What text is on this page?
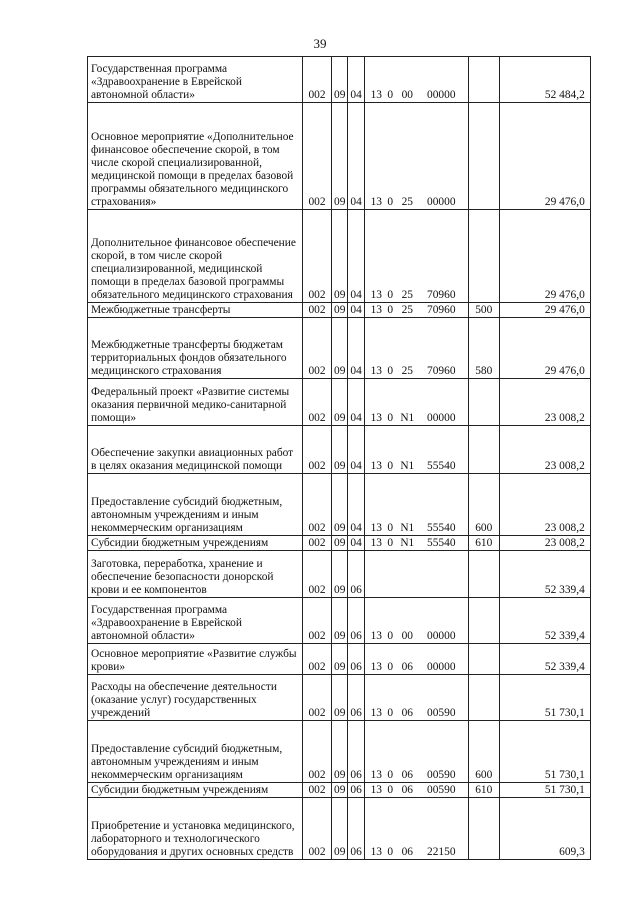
39
Государственная программа «Здравоохранение в Еврейской автономной области»	002	09	04	13 0 00 00000		52 484,2
Основное мероприятие «Дополнительное финансовое обеспечение скорой, в том числе скорой специализированной, медицинской помощи в пределах базовой программы обязательного медицинского страхования»	002	09	04	13 0 25 00000		29 476,0
Дополнительное финансовое обеспечение скорой, в том числе скорой специализированной, медицинской помощи в пределах базовой программы обязательного медицинского страхования	002	09	04	13 0 25 70960		29 476,0
Межбюджетные трансферты	002	09	04	13 0 25 70960	500	29 476,0
Межбюджетные трансферты бюджетам территориальных фондов обязательного медицинского страхования	002	09	04	13 0 25 70960	580	29 476,0
Федеральный проект «Развитие системы оказания первичной медико-санитарной помощи»	002	09	04	13 0 N1 00000		23 008,2
Обеспечение закупки авиационных работ в целях оказания медицинской помощи	002	09	04	13 0 N1 55540		23 008,2
Предоставление субсидий бюджетным, автономным учреждениям и иным некоммерческим организациям	002	09	04	13 0 N1 55540	600	23 008,2
Субсидии бюджетным учреждениям	002	09	04	13 0 N1 55540	610	23 008,2
Заготовка, переработка, хранение и обеспечение безопасности донорской крови и ее компонентов	002	09	06			52 339,4
Государственная программа «Здравоохранение в Еврейской автономной области»	002	09	06	13 0 00 00000		52 339,4
Основное мероприятие «Развитие службы крови»	002	09	06	13 0 06 00000		52 339,4
Расходы на обеспечение деятельности (оказание услуг) государственных учреждений	002	09	06	13 0 06 00590		51 730,1
Предоставление субсидий бюджетным, автономным учреждениям и иным некоммерческим организациям	002	09	06	13 0 06 00590	600	51 730,1
Субсидии бюджетным учреждениям	002	09	06	13 0 06 00590	610	51 730,1
Приобретение и установка медицинского, лабораторного и технологического оборудования и других основных средств	002	09	06	13 0 06 22150		609,3
